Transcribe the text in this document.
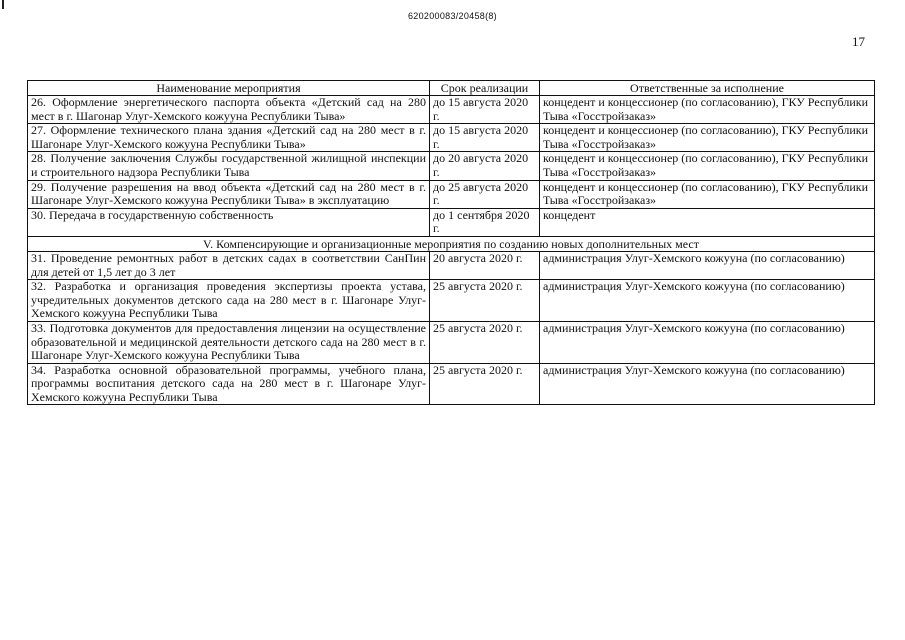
620200083/20458(8)
17
Наименование мероприятия	Срок реализации	Ответственные за исполнение
26. Оформление энергетического паспорта объекта «Детский сад на 280 мест в г. Шагонар Улуг-Хемского кожууна Республики Тыва»	до 15 августа 2020 г.	концедент и концессионер (по согласованию), ГКУ Республики Тыва «Госстройзаказ»
27. Оформление технического плана здания «Детский сад на 280 мест в г. Шагонаре Улуг-Хемского кожууна Республики Тыва»	до 15 августа 2020 г.	концедент и концессионер (по согласованию), ГКУ Республики Тыва «Госстройзаказ»
28. Получение заключения Службы государственной жилищной инспекции и строительного надзора Республики Тыва	до 20 августа 2020 г.	концедент и концессионер (по согласованию), ГКУ Республики Тыва «Госстройзаказ»
29. Получение разрешения на ввод объекта «Детский сад на 280 мест в г. Шагонаре Улуг-Хемского кожууна Республики Тыва» в эксплуатацию	до 25 августа 2020 г.	концедент и концессионер (по согласованию), ГКУ Республики Тыва «Госстройзаказ»
30. Передача в государственную собственность	до 1 сентября 2020 г.	концедент
V. Компенсирующие и организационные мероприятия по созданию новых дополнительных мест		
31. Проведение ремонтных работ в детских садах в соответствии СанПин для детей от 1,5 лет до 3 лет	20 августа 2020 г.	администрация Улуг-Хемского кожууна (по согласованию)
32. Разработка и организация проведения экспертизы проекта устава, учредительных документов детского сада на 280 мест в г. Шагонаре Улуг-Хемского кожууна Республики Тыва	25 августа 2020 г.	администрация Улуг-Хемского кожууна (по согласованию)
33. Подготовка документов для предоставления лицензии на осуществление образовательной и медицинской деятельности детского сада на 280 мест в г. Шагонаре Улуг-Хемского кожууна Республики Тыва	25 августа 2020 г.	администрация Улуг-Хемского кожууна (по согласованию)
34. Разработка основной образовательной программы, учебного плана, программы воспитания детского сада на 280 мест в г. Шагонаре Улуг-Хемского кожууна Республики Тыва	25 августа 2020 г.	администрация Улуг-Хемского кожууна (по согласованию)
